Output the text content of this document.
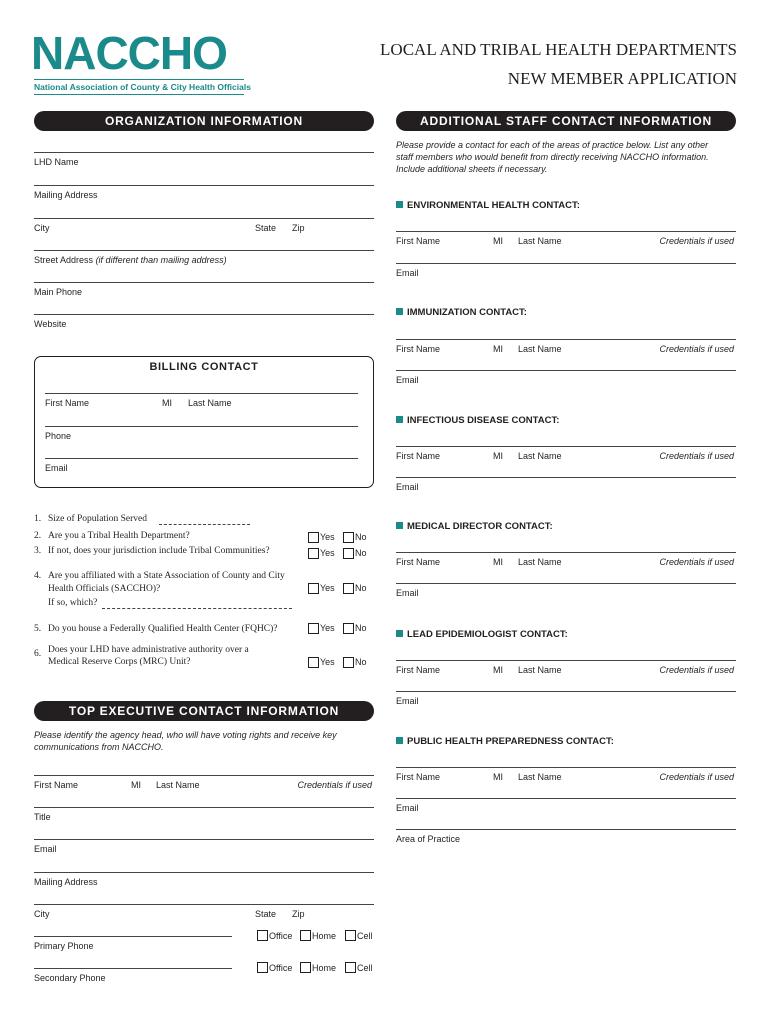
NACCHO
National Association of County & City Health Officials
LOCAL AND TRIBAL HEALTH DEPARTMENTS
NEW MEMBER APPLICATION
ORGANIZATION INFORMATION
LHD Name
Mailing Address
City	State Zip
Street Address (if different than mailing address)
Main Phone
Website
BILLING CONTACT
First Name	MI Last Name
Phone
Email
1. Size of Population Served
2. Are you a Tribal Health Department?	Yes No
3. If not, does your jurisdiction include Tribal Communities?	Yes No
4. Are you affiliated with a State Association of County and City
Health Officials (SACCHO)?
If so, which?
Yes No
5. Do you house a Federally Qualified Health Center (FQHC)?	Yes No
6. Does your LHD have administrative authority over a
Medical Reserve Corps (MRC) Unit?	Yes No
TOP EXECUTIVE CONTACT INFORMATION
Please identify the agency head, who will have voting rights and receive key
communications from NACCHO.
First Name	MI Last Name	Credentials if used
Title
Email
Mailing Address
City	State Zip
Primary Phone
Office Home Cell
Secondary Phone
Office Home Cell
ADDITIONAL STAFF CONTACT INFORMATION
Please provide a contact for each of the areas of practice below. List any other
staff members who would benefit from directly receiving NACCHO information.
Include additional sheets if necessary.
ENVIRONMENTAL HEALTH CONTACT:
First Name	MI Last Name	Credentials if used
Email
IMMUNIZATION CONTACT:
First Name	MI Last Name	Credentials if used
Email
INFECTIOUS DISEASE CONTACT:
First Name	MI Last Name	Credentials if used
Email
MEDICAL DIRECTOR CONTACT:
First Name	MI Last Name	Credentials if used
Email
LEAD EPIDEMIOLOGIST CONTACT:
First Name	MI Last Name	Credentials if used
Email
PUBLIC HEALTH PREPAREDNESS CONTACT:
First Name	MI Last Name	Credentials if used
Email
Area of Practice
